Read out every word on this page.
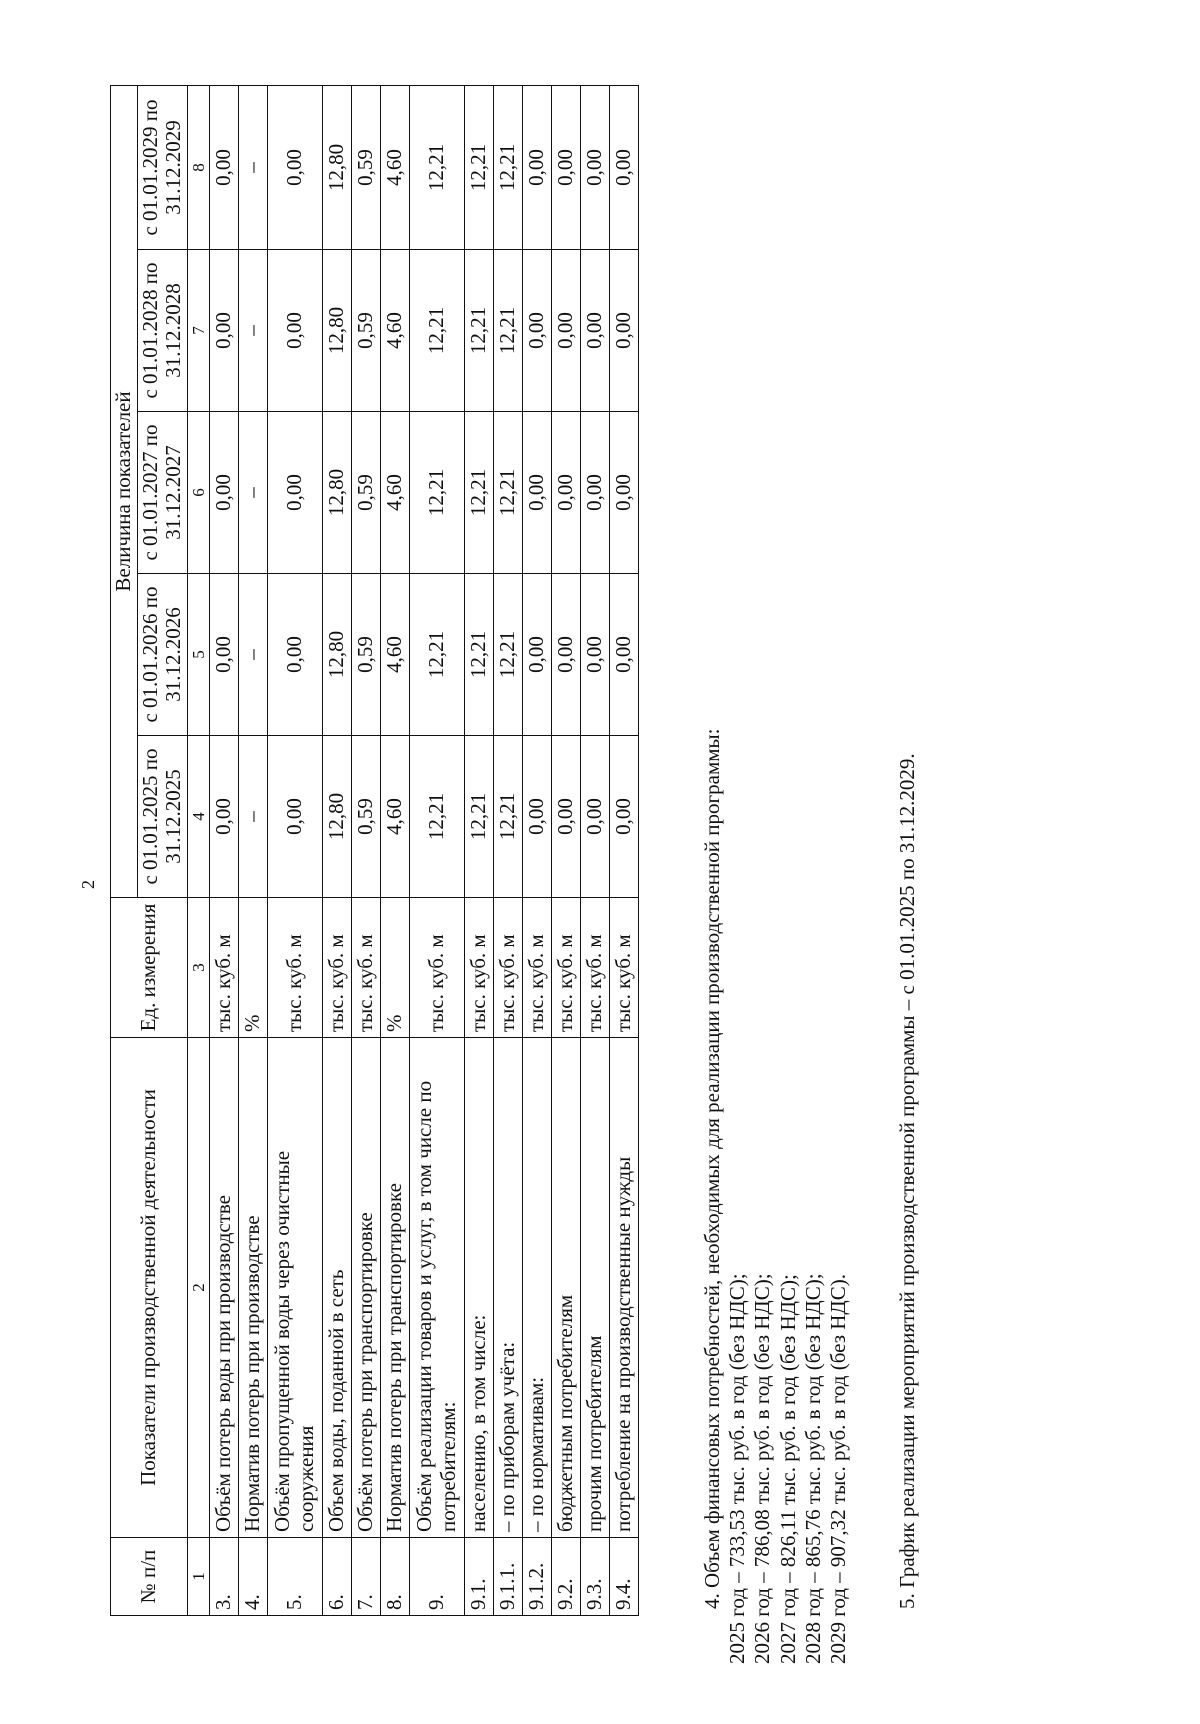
2
№ п/п	Показатели производственной деятельности	Ед. измерения	Величина показателей				
			с 01.01.2025 по 31.12.2025	с 01.01.2026 по 31.12.2026	с 01.01.2027 по 31.12.2027	с 01.01.2028 по 31.12.2028	с 01.01.2029 по 31.12.2029
1	2	3	4	5	6	7	8
3.	Объём потерь воды при производстве	тыс. куб. м	0,00	0,00	0,00	0,00	0,00
4.	Норматив потерь при производстве	%	–	–	–	–	–
5.	Объём пропущенной воды через очистные сооружения	тыс. куб. м	0,00	0,00	0,00	0,00	0,00
6.	Объем воды, поданной в сеть	тыс. куб. м	12,80	12,80	12,80	12,80	12,80
7.	Объём потерь при транспортировке	тыс. куб. м	0,59	0,59	0,59	0,59	0,59
8.	Норматив потерь при транспортировке	%	4,60	4,60	4,60	4,60	4,60
9.	Объём реализации товаров и услуг, в том числе по потребителям:	тыс. куб. м	12,21	12,21	12,21	12,21	12,21
9.1.	населению, в том числе:	тыс. куб. м	12,21	12,21	12,21	12,21	12,21
9.1.1.	– по приборам учёта:	тыс. куб. м	12,21	12,21	12,21	12,21	12,21
9.1.2.	– по нормативам:	тыс. куб. м	0,00	0,00	0,00	0,00	0,00
9.2.	бюджетным потребителям	тыс. куб. м	0,00	0,00	0,00	0,00	0,00
9.3.	прочим потребителям	тыс. куб. м	0,00	0,00	0,00	0,00	0,00
9.4.	потребление на производственные нужды	тыс. куб. м	0,00	0,00	0,00	0,00	0,00
4. Объем финансовых потребностей, необходимых для реализации производственной программы: 2025 год – 733,53 тыс. руб. в год (без НДС); 2026 год – 786,08 тыс. руб. в год (без НДС); 2027 год – 826,11 тыс. руб. в год (без НДС); 2028 год – 865,76 тыс. руб. в год (без НДС); 2029 год – 907,32 тыс. руб. в год (без НДС). 5. График реализации мероприятий производственной программы – с 01.01.2025 по 31.12.2029.
